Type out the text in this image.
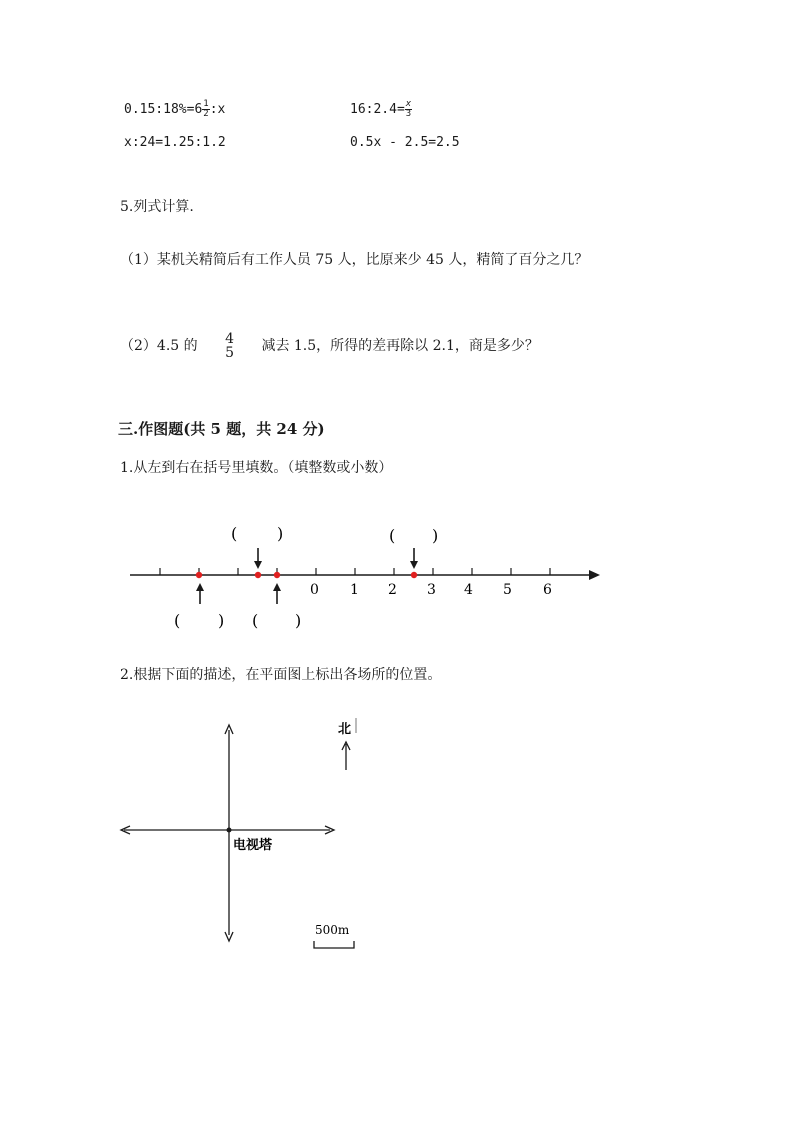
0.15:18%=6 $\frac{1}{2}$ :x	16:2.4= $\frac{x}{3}$
x:24=1.25:1.2	0.5x - 2.5=2.5
5.列式计算.
（1）某机关精简后有工作人员 75 人，比原来少 45 人，精简了百分之几？
（2）4.5 的 4
5 减去 1.5，所得的差再除以 2.1，商是多少？
三.作图题(共 5 题，共 24 分)
1.从左到右在括号里填数。（填整数或小数）
0 1 2 3 4 5 6
( )	( )
( ) ( )
北
电视塔
500m
2.根据下面的描述，在平面图上标出各场所的位置。
